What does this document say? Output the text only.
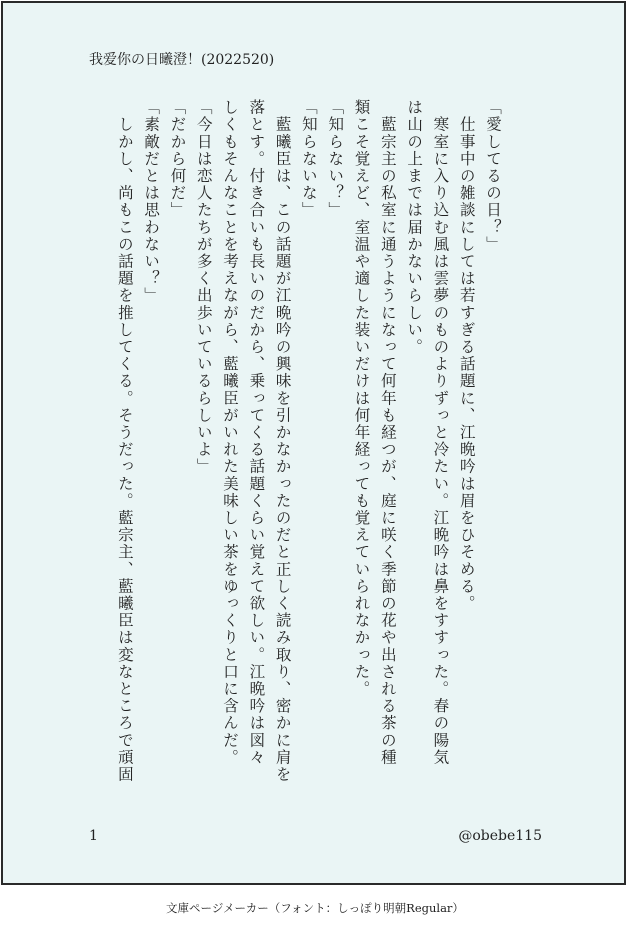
我爱你の日曦澄！(2022520)
「愛してるの日？」
　仕事中の雑談にしては若すぎる話題に、江晩吟は眉をひそめる。
　寒室に入り込む風は雲夢のものよりずっと冷たい。江晩吟は鼻をすすった。春の陽気
は山の上までは届かないらしい。
　藍宗主の私室に通うようになって何年も経つが、庭に咲く季節の花や出される茶の種
類こそ覚えど、室温や適した装いだけは何年経っても覚えていられなかった。
「知らない？」
「知らないな」
　藍曦臣は、この話題が江晩吟の興味を引かなかったのだと正しく読み取り、密かに肩を
落とす。付き合いも長いのだから、乗ってくる話題くらい覚えて欲しい。江晩吟は図々
しくもそんなことを考えながら、藍曦臣がいれた美味しい茶をゆっくりと口に含んだ。
「今日は恋人たちが多く出歩いているらしいよ」
「だから何だ」
「素敵だとは思わない？」
　しかし、尚もこの話題を推してくる。そうだった。藍宗主、藍曦臣は変なところで頑固
1	@obebe115
文庫ページメーカー（フォント：しっぽり明朝Regular）
